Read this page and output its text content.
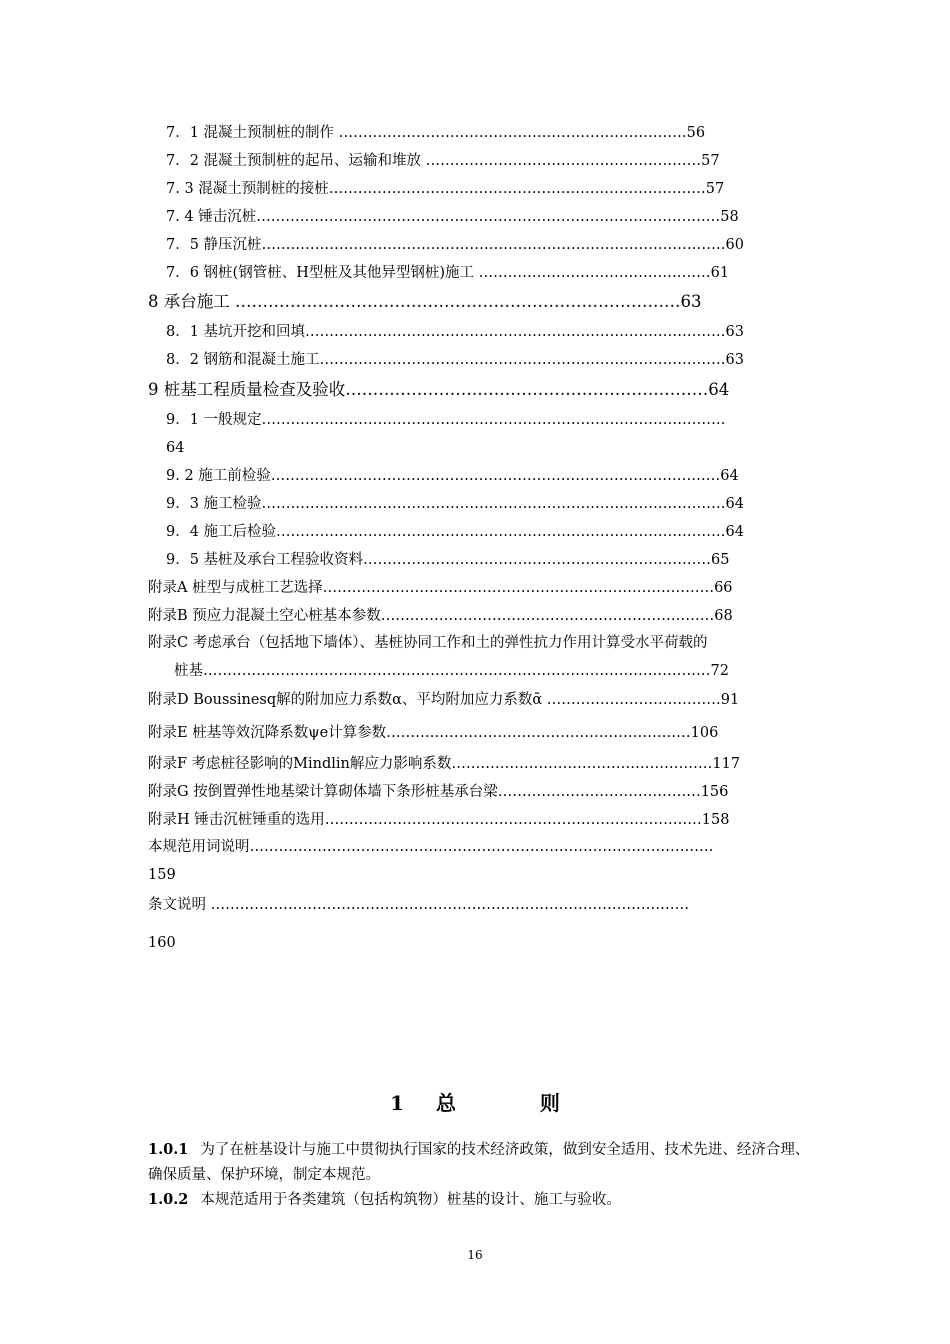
7．1 混凝土预制桩的制作 ………………………………………………………………56
7．2 混凝土预制桩的起吊、运输和堆放 …………………………………………………57
7. 3 混凝土预制桩的接桩……………………………………………………………………57
7. 4 锤击沉桩……………………………………………………………………………………58
7．5 静压沉桩……………………………………………………………………………………60
7．6 钢桩(钢管桩、H型桩及其他异型钢桩)施工 …………………………………………61
8 承台施工 ………………………………………………………………………63
8．1 基坑开挖和回填……………………………………………………………………………63
8．2 钢筋和混凝土施工…………………………………………………………………………63
9 桩基工程质量检查及验收…………………………………………………………64
9．1 一般规定……………………………………………………………………………………
64
9. 2 施工前检验…………………………………………………………………………………64
9．3 施工检验……………………………………………………………………………………64
9．4 施工后检验…………………………………………………………………………………64
9．5 基桩及承台工程验收资料………………………………………………………………65
附录A 桩型与成桩工艺选择………………………………………………………………………66
附录B 预应力混凝土空心桩基本参数……………………………………………………………68
附录C 考虑承台（包括地下墙体）、基桩协同工作和土的弹性抗力作用计算受水平荷载的
桩基……………………………………………………………………………………………72
附录D Boussinesq解的附加应力系数α、平均附加应力系数ᾱ ………………………………91
附录E 桩基等效沉降系数ψe计算参数………………………………………………………106
附录F 考虑桩径影响的Mindlin解应力影响系数………………………………………………117
附录G 按倒置弹性地基梁计算砌体墙下条形桩基承台梁……………………………………156
附录H 锤击沉桩锤重的选用……………………………………………………………………158
本规范用词说明……………………………………………………………………………………
159
条文说明 ………………………………………………………………………………………
160
1 总	则
1.0.1 为了在桩基设计与施工中贯彻执行国家的技术经济政策，做到安全适用、技术先进、经济合理、确保质量、保护环境，制定本规范。
1.0.2 本规范适用于各类建筑（包括构筑物）桩基的设计、施工与验收。
16
